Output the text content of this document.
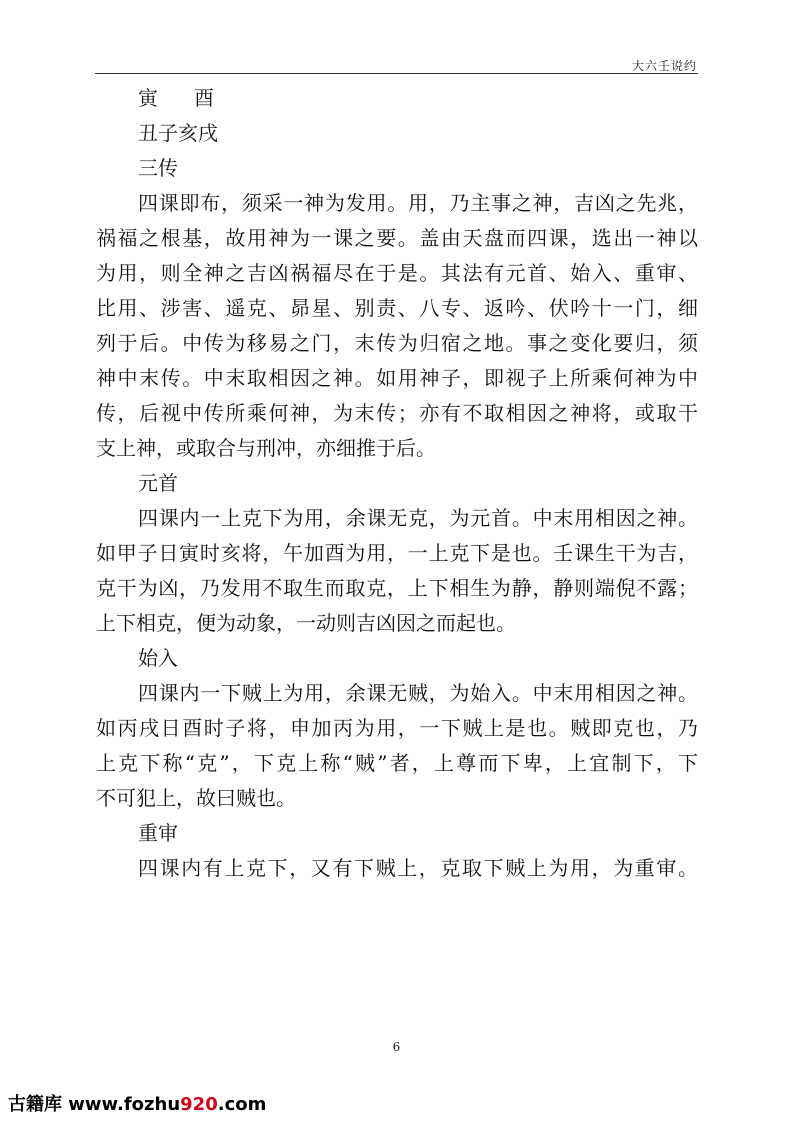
大六壬说约
寅 酉
丑子亥戌
三传
四课即布，须采一神为发用。用，乃主事之神，吉凶之先兆，
祸福之根基，故用神为一课之要。盖由天盘而四课，选出一神以
为用，则全神之吉凶祸福尽在于是。其法有元首、始入、重审、
比用、涉害、遥克、昴星、别责、八专、返吟、伏吟十一门，细
列于后。中传为移易之门，末传为归宿之地。事之变化要归，须
神中末传。中末取相因之神。如用神子，即视子上所乘何神为中
传，后视中传所乘何神，为末传；亦有不取相因之神将，或取干
支上神，或取合与刑冲，亦细推于后。
元首
四课内一上克下为用，余课无克，为元首。中末用相因之神。
如甲子日寅时亥将，午加酉为用，一上克下是也。壬课生干为吉，
克干为凶，乃发用不取生而取克，上下相生为静，静则端倪不露；
上下相克，便为动象，一动则吉凶因之而起也。
始入
四课内一下贼上为用，余课无贼，为始入。中末用相因之神。
如丙戌日酉时子将，申加丙为用，一下贼上是也。贼即克也，乃
上克下称“克”，下克上称“贼”者，上尊而下卑，上宜制下，下
不可犯上，故曰贼也。
重审
四课内有上克下，又有下贼上，克取下贼上为用，为重审。
6
古籍库 www.fozhu920.com
